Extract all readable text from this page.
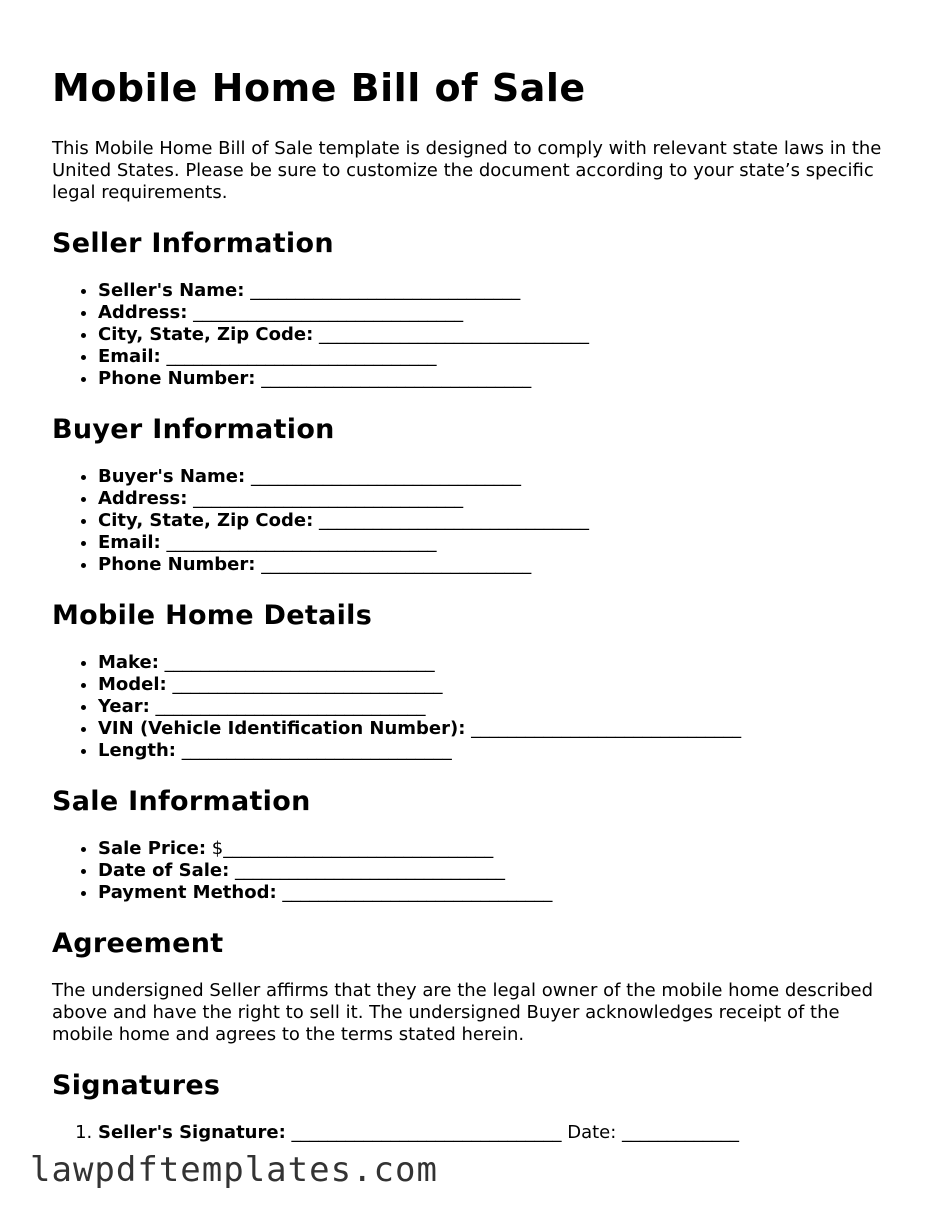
Mobile Home Bill of Sale

This Mobile Home Bill of Sale template is designed to comply with relevant state laws in the United States. Please be sure to customize the document according to your state’s specific legal requirements.

Seller Information
• Seller's Name: ______________________________
• Address: ______________________________
• City, State, Zip Code: ______________________________
• Email: ______________________________
• Phone Number: ______________________________
Buyer Information
• Buyer's Name: ______________________________
• Address: ______________________________
• City, State, Zip Code: ______________________________
• Email: ______________________________
• Phone Number: ______________________________
Mobile Home Details
• Make: ______________________________
• Model: ______________________________
• Year: ______________________________
• VIN (Vehicle Identification Number): ______________________________
• Length: ______________________________
Sale Information
• Sale Price: $______________________________
• Date of Sale: ______________________________
• Payment Method: ______________________________
Agreement

The undersigned Seller affirms that they are the legal owner of the mobile home described above and have the right to sell it. The undersigned Buyer acknowledges receipt of the mobile home and agrees to the terms stated herein.

Signatures
1. Seller's Signature: ______________________________ Date: _____________
lawpdftemplates.com
